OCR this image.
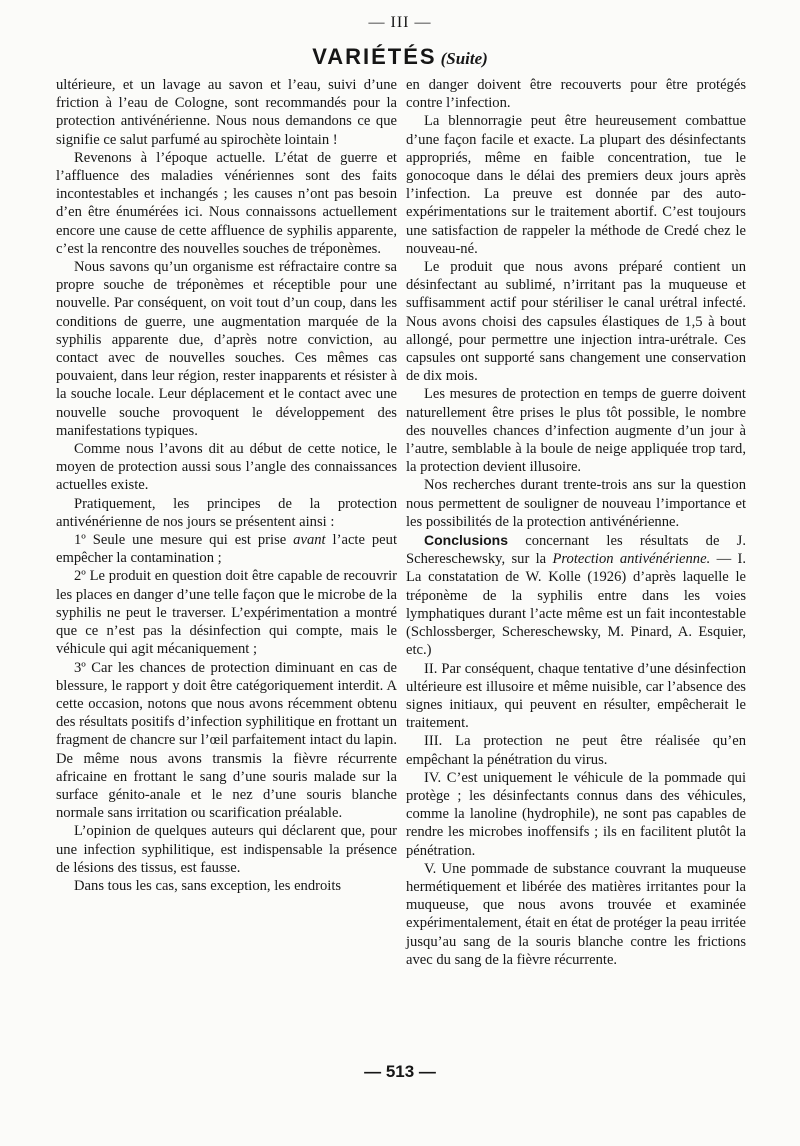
— III —
VARIÉTÉS (Suite)

ultérieure, et un lavage au savon et l’eau, suivi d’une friction à l’eau de Cologne, sont recommandés pour la protection antivénérienne. Nous nous demandons ce que signifie ce salut parfumé au spirochète lointain !

Revenons à l’époque actuelle. L’état de guerre et l’affluence des maladies vénériennes sont des faits incontestables et inchangés ; les causes n’ont pas besoin d’en être énumérées ici. Nous connaissons actuellement encore une cause de cette affluence de syphilis apparente, c’est la rencontre des nouvelles souches de tréponèmes.

Nous savons qu’un organisme est réfractaire contre sa propre souche de tréponèmes et réceptible pour une nouvelle. Par conséquent, on voit tout d’un coup, dans les conditions de guerre, une augmentation marquée de la syphilis apparente due, d’après notre conviction, au contact avec de nouvelles souches. Ces mêmes cas pouvaient, dans leur région, rester inapparents et résister à la souche locale. Leur déplacement et le contact avec une nouvelle souche provoquent le développement des manifestations typiques.

Comme nous l’avons dit au début de cette notice, le moyen de protection aussi sous l’angle des connaissances actuelles existe.

Pratiquement, les principes de la protection antivénérienne de nos jours se présentent ainsi :

1º Seule une mesure qui est prise avant l’acte peut empêcher la contamination ;

2º Le produit en question doit être capable de recouvrir les places en danger d’une telle façon que le microbe de la syphilis ne peut le traverser. L’expérimentation a montré que ce n’est pas la désinfection qui compte, mais le véhicule qui agit mécaniquement ;

3º Car les chances de protection diminuant en cas de blessure, le rapport y doit être catégoriquement interdit. A cette occasion, notons que nous avons récemment obtenu des résultats positifs d’infection syphilitique en frottant un fragment de chancre sur l’œil parfaitement intact du lapin. De même nous avons transmis la fièvre récurrente africaine en frottant le sang d’une souris malade sur la surface génito-anale et le nez d’une souris blanche normale sans irritation ou scarification préalable.

L’opinion de quelques auteurs qui déclarent que, pour une infection syphilitique, est indispensable la présence de lésions des tissus, est fausse.

Dans tous les cas, sans exception, les endroits

en danger doivent être recouverts pour être protégés contre l’infection.

La blennorragie peut être heureusement combattue d’une façon facile et exacte. La plupart des désinfectants appropriés, même en faible concentration, tue le gonocoque dans le délai des premiers deux jours après l’infection. La preuve est donnée par des auto-expérimentations sur le traitement abortif. C’est toujours une satisfaction de rappeler la méthode de Credé chez le nouveau-né.

Le produit que nous avons préparé contient un désinfectant au sublimé, n’irritant pas la muqueuse et suffisamment actif pour stériliser le canal urétral infecté. Nous avons choisi des capsules élastiques de 1,5 à bout allongé, pour permettre une injection intra-urétrale. Ces capsules ont supporté sans changement une conservation de dix mois.

Les mesures de protection en temps de guerre doivent naturellement être prises le plus tôt possible, le nombre des nouvelles chances d’infection augmente d’un jour à l’autre, semblable à la boule de neige appliquée trop tard, la protection devient illusoire.

Nos recherches durant trente-trois ans sur la question nous permettent de souligner de nouveau l’importance et les possibilités de la protection antivénérienne.

Conclusions concernant les résultats de J. Schereschewsky, sur la Protection antivénérienne. — I. La constatation de W. Kolle (1926) d’après laquelle le tréponème de la syphilis entre dans les voies lymphatiques durant l’acte même est un fait incontestable (Schlossberger, Schereschewsky, M. Pinard, A. Esquier, etc.)

II. Par conséquent, chaque tentative d’une désinfection ultérieure est illusoire et même nuisible, car l’absence des signes initiaux, qui peuvent en résulter, empêcherait le traitement.

III. La protection ne peut être réalisée qu’en empêchant la pénétration du virus.

IV. C’est uniquement le véhicule de la pommade qui protège ; les désinfectants connus dans des véhicules, comme la lanoline (hydrophile), ne sont pas capables de rendre les microbes inoffensifs ; ils en facilitent plutôt la pénétration.

V. Une pommade de substance couvrant la muqueuse hermétiquement et libérée des matières irritantes pour la muqueuse, que nous avons trouvée et examinée expérimentalement, était en état de protéger la peau irritée jusqu’au sang de la souris blanche contre les frictions avec du sang de la fièvre récurrente.

— 513 —
